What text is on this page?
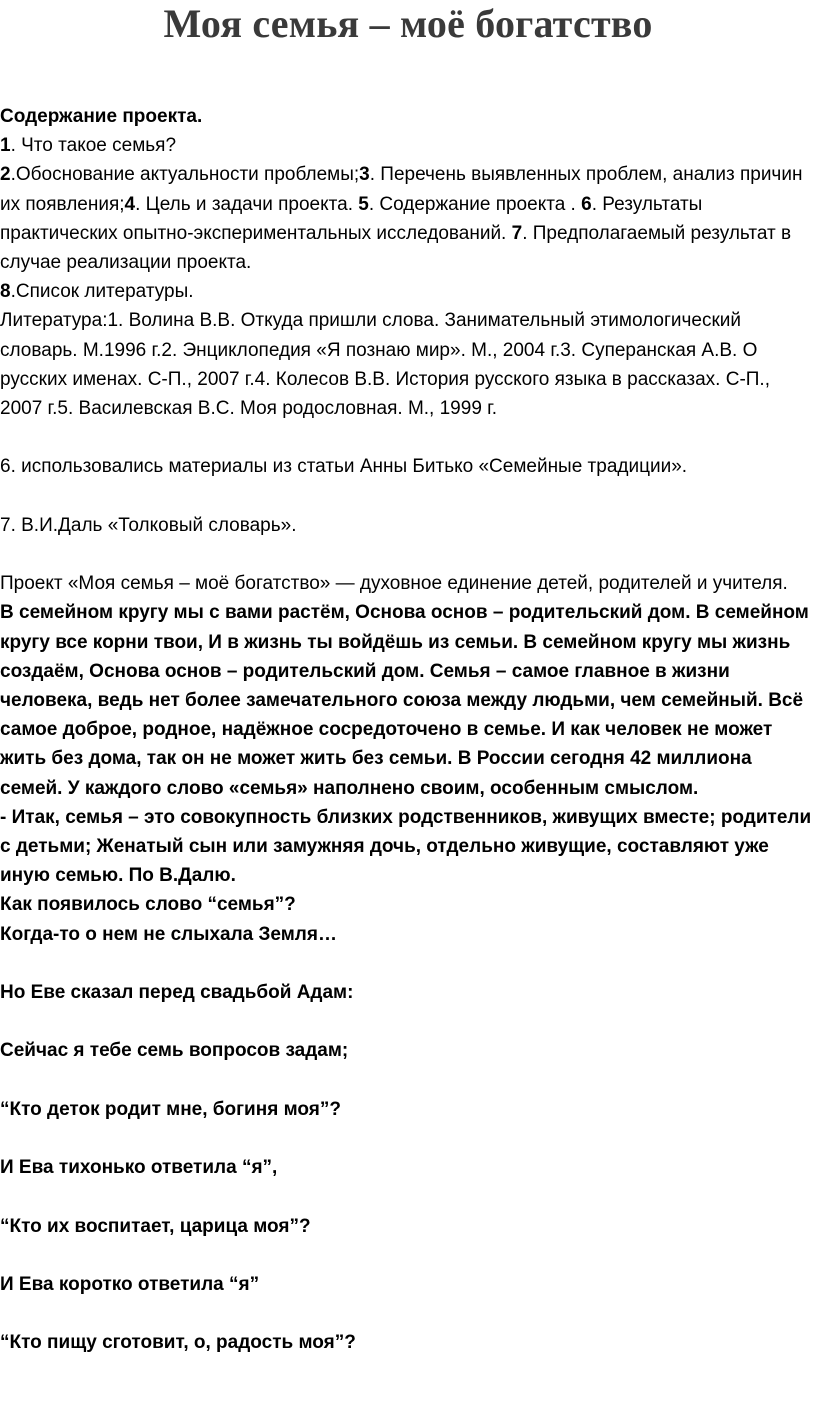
Моя семья – моё богатство

Содержание проекта.

1. Что такое семья?

2.Обоснование актуальности проблемы;3. Перечень выявленных проблем, анализ причин их появления;4. Цель и задачи проекта. 5. Содержание проекта . 6. Результаты практических опытно-экспериментальных исследований. 7. Предполагаемый результат в случае реализации проекта.

8.Список литературы.

Литература:1. Волина В.В. Откуда пришли слова. Занимательный этимологический словарь. М.1996 г.2. Энциклопедия «Я познаю мир». М., 2004 г.3. Суперанская А.В. О русских именах. С-П., 2007 г.4. Колесов В.В. История русского языка в рассказах. С-П., 2007 г.5. Василевская В.С. Моя родословная. М., 1999 г.

6. использовались материалы из статьи Анны Битько «Семейные традиции».

7. В.И.Даль «Толковый словарь».

Проект «Моя семья – моё богатство» — духовное единение детей, родителей и учителя.

В семейном кругу мы с вами растём, Основа основ – родительский дом. В семейном кругу все корни твои, И в жизнь ты войдёшь из семьи. В семейном кругу мы жизнь создаём, Основа основ – родительский дом. Семья – самое главное в жизни человека, ведь нет более замечательного союза между людьми, чем семейный. Всё самое доброе, родное, надёжное сосредоточено в семье. И как человек не может жить без дома, так он не может жить без семьи. В России сегодня 42 миллиона семей. У каждого слово «семья» наполнено своим, особенным смыслом.

- Итак, семья – это совокупность близких родственников, живущих вместе; родители с детьми; Женатый сын или замужняя дочь, отдельно живущие, составляют уже иную семью. По В.Далю.

Как появилось слово “семья”?

Когда-то о нем не слыхала Земля…

Но Еве сказал перед свадьбой Адам:

Сейчас я тебе семь вопросов задам;

“Кто деток родит мне, богиня моя”?

И Ева тихонько ответила “я”,

“Кто их воспитает, царица моя”?

И Ева коротко ответила “я”

“Кто пищу сготовит, о, радость моя”?
